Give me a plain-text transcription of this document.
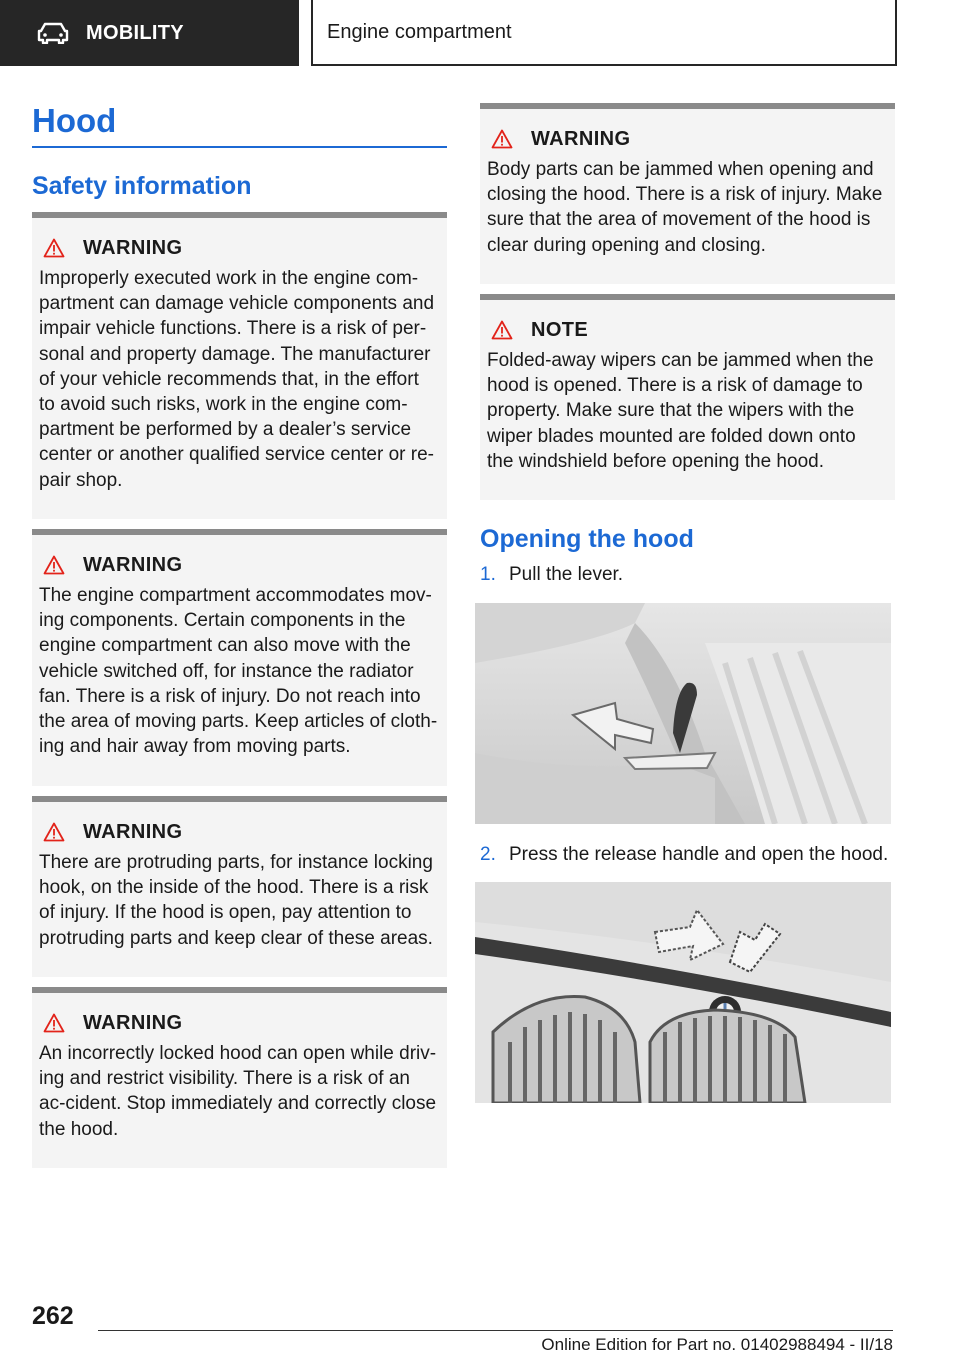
MOBILITY	Engine compartment
Hood
Safety information
WARNING

Improperly executed work in the engine com-partment can damage vehicle components and impair vehicle functions. There is a risk of per-sonal and property damage. The manufacturer of your vehicle recommends that, in the effort to avoid such risks, work in the engine com-partment be performed by a dealer’s service center or another qualified service center or re-pair shop.

WARNING

The engine compartment accommodates mov-ing components. Certain components in the engine compartment can also move with the vehicle switched off, for instance the radiator fan. There is a risk of injury. Do not reach into the area of moving parts. Keep articles of cloth-ing and hair away from moving parts.

WARNING

There are protruding parts, for instance locking hook, on the inside of the hood. There is a risk of injury. If the hood is open, pay attention to protruding parts and keep clear of these areas.

WARNING

An incorrectly locked hood can open while driv-ing and restrict visibility. There is a risk of an ac-cident. Stop immediately and correctly close the hood.

WARNING

Body parts can be jammed when opening and closing the hood. There is a risk of injury. Make sure that the area of movement of the hood is clear during opening and closing.

NOTE

Folded-away wipers can be jammed when the hood is opened. There is a risk of damage to property. Make sure that the wipers with the wiper blades mounted are folded down onto the windshield before opening the hood.

Opening the hood
1. Pull the lever.
2. Press the release handle and open the hood.
262
Online Edition for Part no. 01402988494 - II/18
